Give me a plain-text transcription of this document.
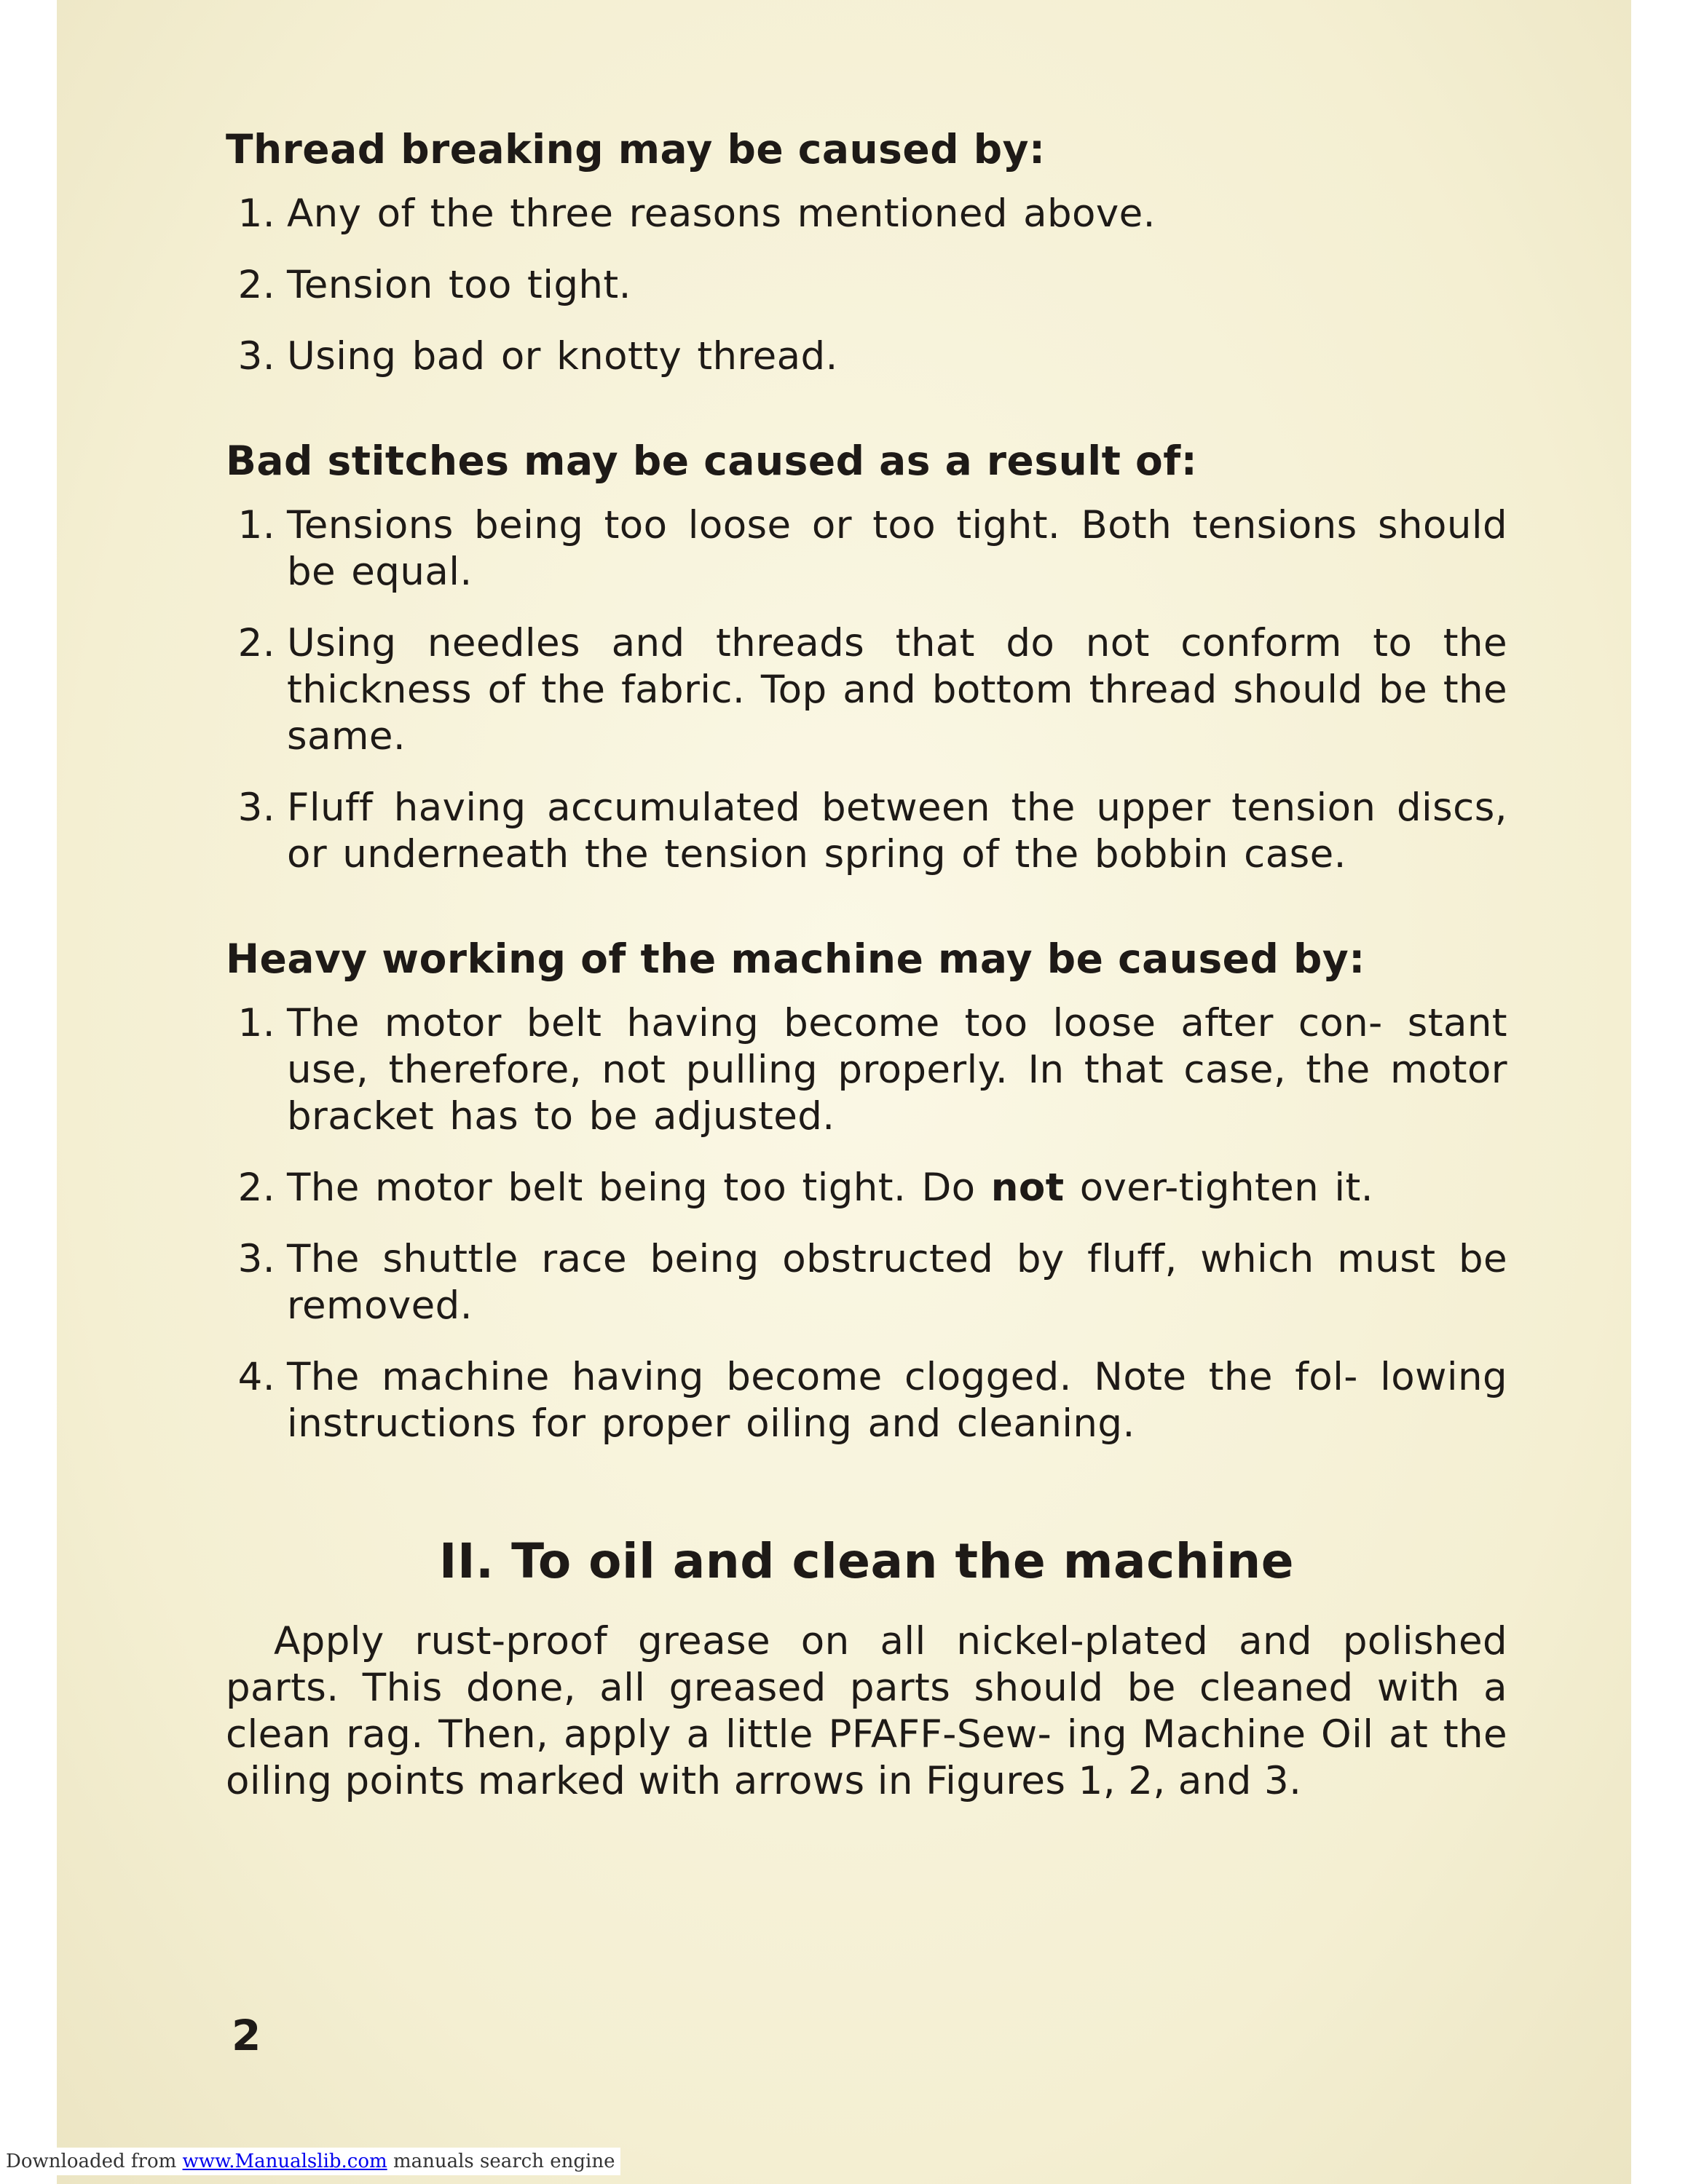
Thread breaking may be caused by:
1. Any of the three reasons mentioned above.
2. Tension too tight.
3. Using bad or knotty thread.
Bad stitches may be caused as a result of:
1. Tensions being too loose or too tight. Both tensions should be equal.
2. Using needles and threads that do not conform to the thickness of the fabric. Top and bottom thread should be the same.
3. Fluff having accumulated between the upper tension discs, or underneath the tension spring of the bobbin case.
Heavy working of the machine may be caused by:
1. The motor belt having become too loose after con- stant use, therefore, not pulling properly. In that case, the motor bracket has to be adjusted.
2. The motor belt being too tight. Do not over-tighten it.
3. The shuttle race being obstructed by fluff, which must be removed.
4. The machine having become clogged. Note the fol- lowing instructions for proper oiling and cleaning.
II. To oil and clean the machine

Apply rust-proof grease on all nickel-plated and polished parts. This done, all greased parts should be cleaned with a clean rag. Then, apply a little PFAFF-Sew- ing Machine Oil at the oiling points marked with arrows in Figures 1, 2, and 3.

2
Downloaded from www.Manualslib.com manuals search engine
